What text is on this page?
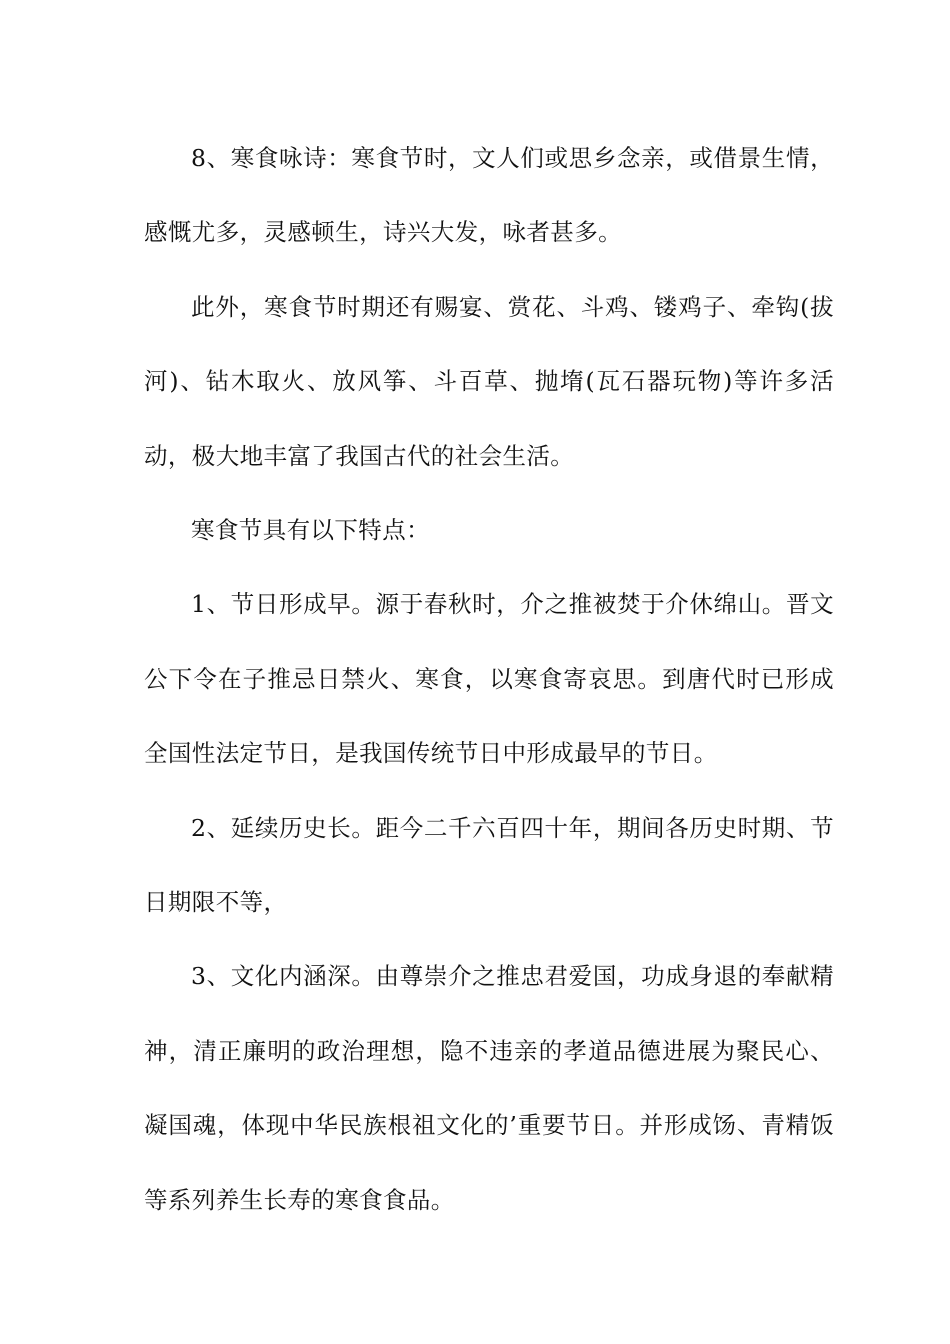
8、寒食咏诗：寒食节时，文人们或思乡念亲，或借景生情，感慨尤多，灵感顿生，诗兴大发，咏者甚多。

此外，寒食节时期还有赐宴、赏花、斗鸡、镂鸡子、牵钩(拔河)、钻木取火、放风筝、斗百草、抛堶(瓦石器玩物)等许多活动，极大地丰富了我国古代的社会生活。

寒食节具有以下特点：

1、节日形成早。源于春秋时，介之推被焚于介休绵山。晋文公下令在子推忌日禁火、寒食，以寒食寄哀思。到唐代时已形成全国性法定节日，是我国传统节日中形成最早的节日。

2、延续历史长。距今二千六百四十年，期间各历史时期、节日期限不等，

3、文化内涵深。由尊崇介之推忠君爱国，功成身退的奉献精神，清正廉明的政治理想，隐不违亲的孝道品德进展为聚民心、凝国魂，体现中华民族根祖文化的’重要节日。并形成饧、青精饭等系列养生长寿的寒食食品。
